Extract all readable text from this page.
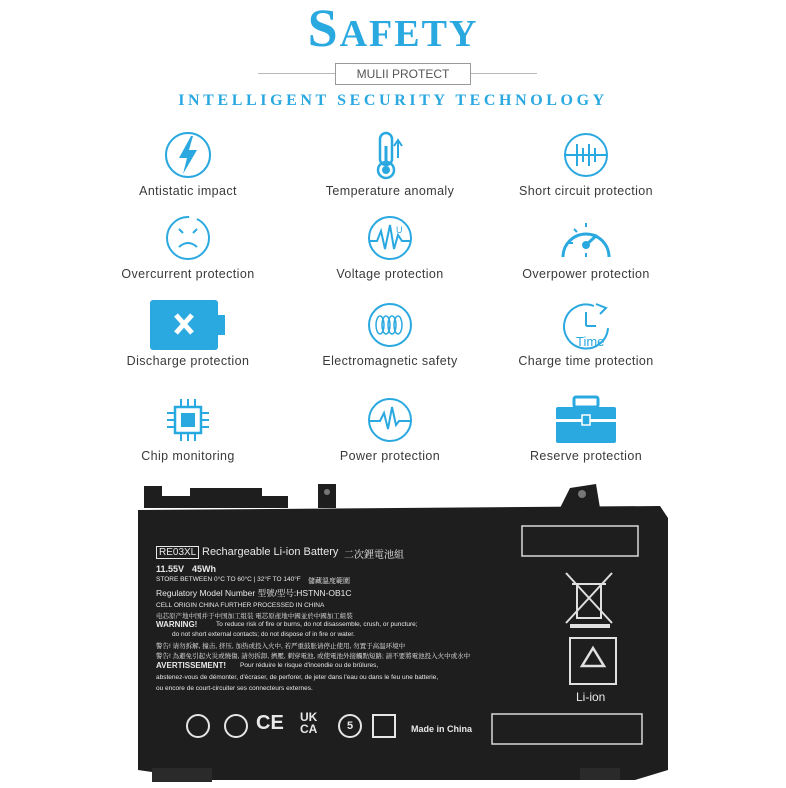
Safety
MULII PROTECT
INTELLIGENT SECURITY TECHNOLOGY
Antistatic impact	Temperature anomaly	Short circuit protection
Overcurrent protection
U
Voltage protection	Overpower protection
Discharge protection	Electromagnetic safety
Time
Charge time protection
Chip monitoring	Power protection	Reserve protection
RE03XL Rechargeable Li-ion Battery 二次鋰電池組
11.55V 45Wh
STORE BETWEEN 0°C TO 60°C | 32°F TO 140°F 儲藏溫度範圍
Regulatory Model Number 型號/型号:HSTNN-OB1C
CELL ORIGIN CHINA FURTHER PROCESSED IN CHINA
电芯原产地中国并于中国加工组装 電芯原產地中國並於中國加工組裝
WARNING!	To reduce risk of fire or burns, do not disassemble, crush, or puncture;
do not short external contacts; do not dispose of in fire or water.
警告! 请勿拆解, 撞击, 挤压, 加热或投入火中, 若严重鼓胀请停止使用, 勿置于高温环境中
警告! 為避免引起火災或燒傷, 請勿拆卸, 擠壓, 刺穿電池, 或使電池外接觸點短路; 請不要將電池投入火中或水中
AVERTISSEMENT! Pour réduire le risque d'incendie ou de brûlures,
abstenez-vous de démonter, d'écraser, de perforer, de jeter dans l'eau ou dans le feu une batterie,
ou encore de court-circuiter ses connecteurs externes.
Made in China
Li-ion
CE UK CA	5
